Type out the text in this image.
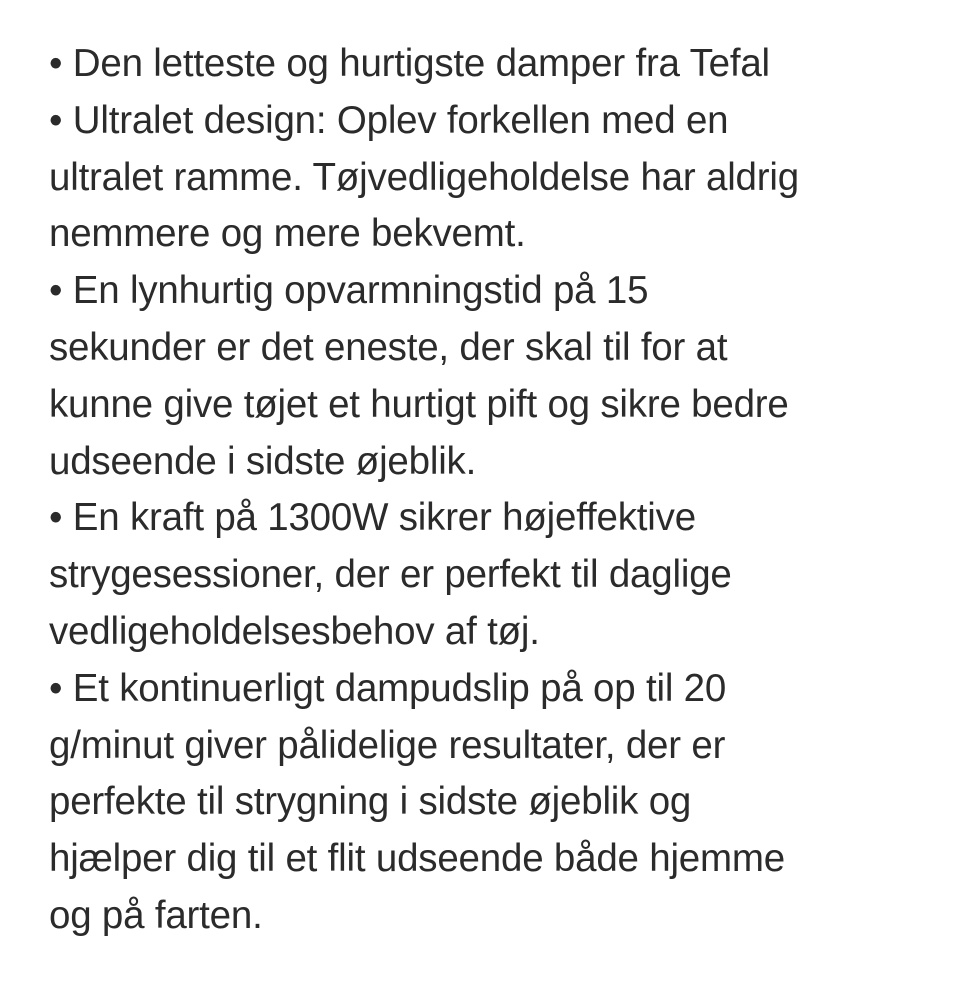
• Den letteste og hurtigste damper fra Tefal
• Ultralet design: Oplev forkellen med en
ultralet ramme. Tøjvedligeholdelse har aldrig
nemmere og mere bekvemt.
• En lynhurtig opvarmningstid på 15
sekunder er det eneste, der skal til for at
kunne give tøjet et hurtigt pift og sikre bedre
udseende i sidste øjeblik.
• En kraft på 1300W sikrer højeffektive
strygesessioner, der er perfekt til daglige
vedligeholdelsesbehov af tøj.
• Et kontinuerligt dampudslip på op til 20
g/minut giver pålidelige resultater, der er
perfekte til strygning i sidste øjeblik og
hjælper dig til et flit udseende både hjemme
og på farten.
